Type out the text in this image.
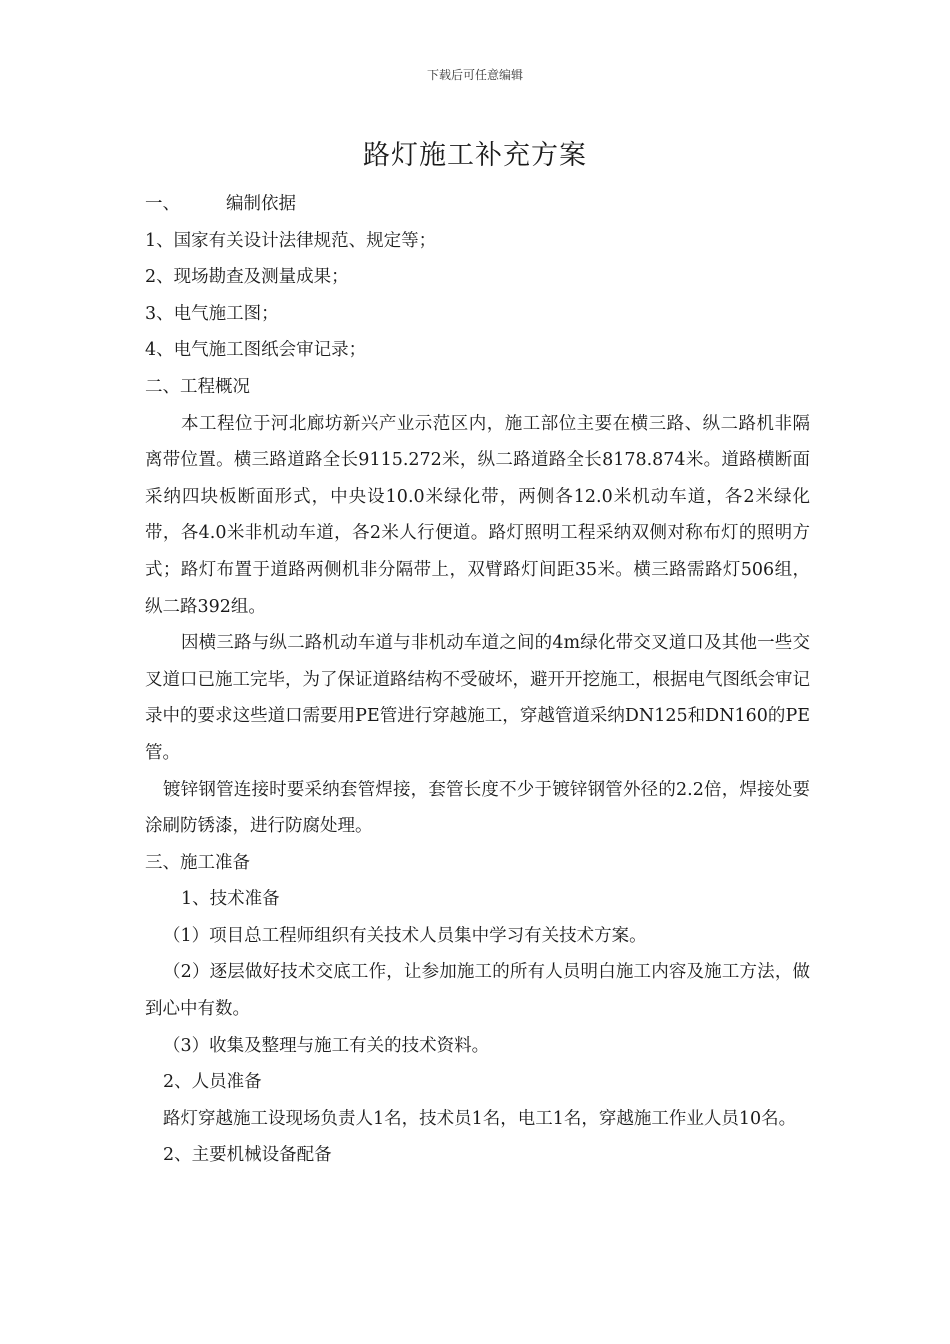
下载后可任意编辑
路灯施工补充方案

一、	编制依据

1、国家有关设计法律规范、规定等；

2、现场勘查及测量成果；

3、电气施工图；

4、电气施工图纸会审记录；

二、工程概况

本工程位于河北廊坊新兴产业示范区内，施工部位主要在横三路、纵二路机非隔离带位置。横三路道路全长9115.272米，纵二路道路全长8178.874米。道路横断面采纳四块板断面形式，中央设10.0米绿化带，两侧各12.0米机动车道，各2米绿化带，各4.0米非机动车道，各2米人行便道。路灯照明工程采纳双侧对称布灯的照明方式；路灯布置于道路两侧机非分隔带上，双臂路灯间距35米。横三路需路灯506组，纵二路392组。

因横三路与纵二路机动车道与非机动车道之间的4m绿化带交叉道口及其他一些交叉道口已施工完毕，为了保证道路结构不受破坏，避开开挖施工，根据电气图纸会审记录中的要求这些道口需要用PE管进行穿越施工，穿越管道采纳DN125和DN160的PE管。

镀锌钢管连接时要采纳套管焊接，套管长度不少于镀锌钢管外径的2.2倍，焊接处要涂刷防锈漆，进行防腐处理。

三、施工准备

1、技术准备

（1）项目总工程师组织有关技术人员集中学习有关技术方案。

（2）逐层做好技术交底工作，让参加施工的所有人员明白施工内容及施工方法，做到心中有数。

（3）收集及整理与施工有关的技术资料。

2、人员准备

路灯穿越施工设现场负责人1名，技术员1名，电工1名，穿越施工作业人员10名。

2、主要机械设备配备
